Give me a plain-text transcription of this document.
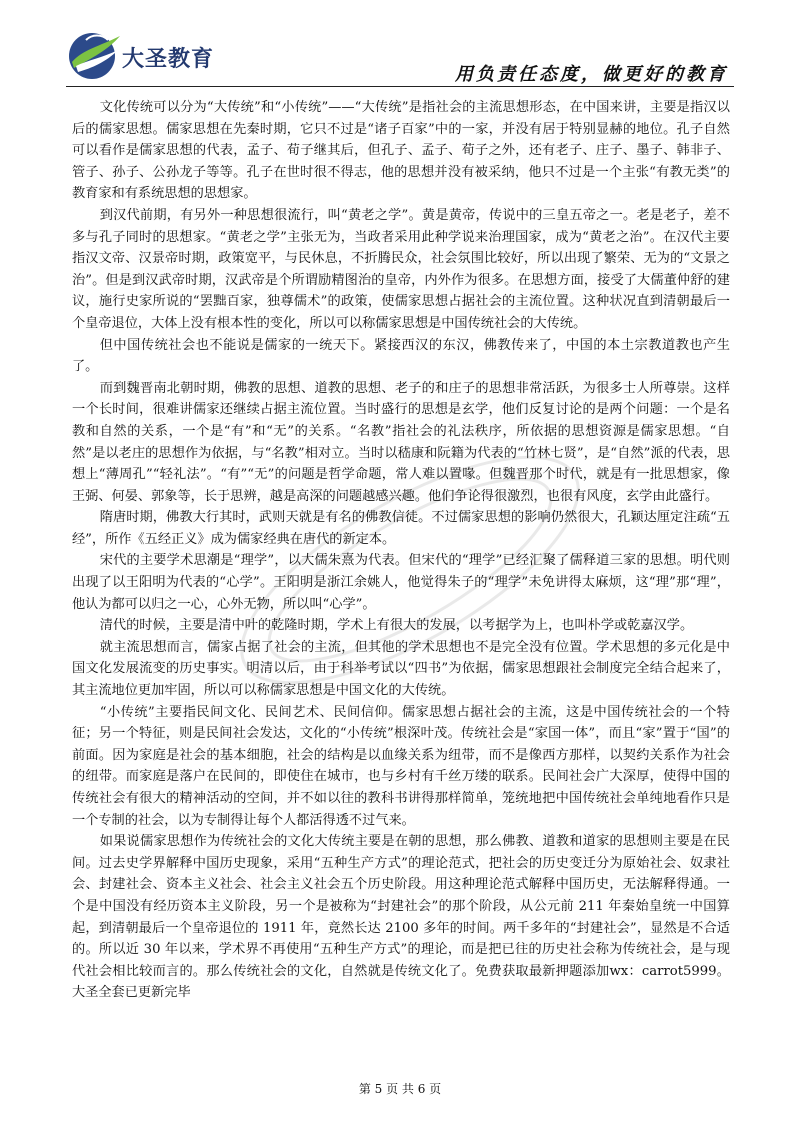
大圣教育
用负责任态度，做更好的教育

文化传统可以分为“大传统”和“小传统”——“大传统”是指社会的主流思想形态，在中国来讲，主要是指汉以后的儒家思想。儒家思想在先秦时期，它只不过是“诸子百家”中的一家，并没有居于特别显赫的地位。孔子自然可以看作是儒家思想的代表，孟子、荀子继其后，但孔子、孟子、荀子之外，还有老子、庄子、墨子、韩非子、管子、孙子、公孙龙子等等。孔子在世时很不得志，他的思想并没有被采纳，他只不过是一个主张“有教无类”的教育家和有系统思想的思想家。

到汉代前期，有另外一种思想很流行，叫“黄老之学”。黄是黄帝，传说中的三皇五帝之一。老是老子，差不多与孔子同时的思想家。“黄老之学”主张无为，当政者采用此种学说来治理国家，成为“黄老之治”。在汉代主要指汉文帝、汉景帝时期，政策宽平，与民休息，不折腾民众，社会氛围比较好，所以出现了繁荣、无为的“文景之治”。但是到汉武帝时期，汉武帝是个所谓励精图治的皇帝，内外作为很多。在思想方面，接受了大儒董仲舒的建议，施行史家所说的“罢黜百家，独尊儒术”的政策，使儒家思想占据社会的主流位置。这种状况直到清朝最后一个皇帝退位，大体上没有根本性的变化，所以可以称儒家思想是中国传统社会的大传统。

但中国传统社会也不能说是儒家的一统天下。紧接西汉的东汉，佛教传来了，中国的本土宗教道教也产生了。

而到魏晋南北朝时期，佛教的思想、道教的思想、老子的和庄子的思想非常活跃，为很多士人所尊崇。这样一个长时间，很难讲儒家还继续占据主流位置。当时盛行的思想是玄学，他们反复讨论的是两个问题：一个是名教和自然的关系，一个是“有”和“无”的关系。“名教”指社会的礼法秩序，所依据的思想资源是儒家思想。“自然”是以老庄的思想作为依据，与“名教”相对立。当时以嵇康和阮籍为代表的“竹林七贤”，是“自然”派的代表，思想上“薄周孔”“轻礼法”。“有”“无”的问题是哲学命题，常人难以置喙。但魏晋那个时代，就是有一批思想家，像王弼、何晏、郭象等，长于思辨，越是高深的问题越感兴趣。他们争论得很激烈，也很有风度，玄学由此盛行。

隋唐时期，佛教大行其时，武则天就是有名的佛教信徒。不过儒家思想的影响仍然很大，孔颖达厘定注疏“五经”，所作《五经正义》成为儒家经典在唐代的新定本。

宋代的主要学术思潮是“理学”，以大儒朱熹为代表。但宋代的“理学”已经汇聚了儒释道三家的思想。明代则出现了以王阳明为代表的“心学”。王阳明是浙江余姚人，他觉得朱子的“理学”未免讲得太麻烦，这“理”那“理”，他认为都可以归之一心，心外无物，所以叫“心学”。

清代的时候，主要是清中叶的乾隆时期，学术上有很大的发展，以考据学为上，也叫朴学或乾嘉汉学。

就主流思想而言，儒家占据了社会的主流，但其他的学术思想也不是完全没有位置。学术思想的多元化是中国文化发展流变的历史事实。明清以后，由于科举考试以“四书”为依据，儒家思想跟社会制度完全结合起来了，其主流地位更加牢固，所以可以称儒家思想是中国文化的大传统。

“小传统”主要指民间文化、民间艺术、民间信仰。儒家思想占据社会的主流，这是中国传统社会的一个特征；另一个特征，则是民间社会发达，文化的“小传统”根深叶茂。传统社会是“家国一体”，而且“家”置于“国”的前面。因为家庭是社会的基本细胞，社会的结构是以血缘关系为纽带，而不是像西方那样，以契约关系作为社会的纽带。而家庭是落户在民间的，即使住在城市，也与乡村有千丝万缕的联系。民间社会广大深厚，使得中国的传统社会有很大的精神活动的空间，并不如以往的教科书讲得那样简单，笼统地把中国传统社会单纯地看作只是一个专制的社会，以为专制得让每个人都活得透不过气来。

如果说儒家思想作为传统社会的文化大传统主要是在朝的思想，那么佛教、道教和道家的思想则主要是在民间。过去史学界解释中国历史现象，采用“五种生产方式”的理论范式，把社会的历史变迁分为原始社会、奴隶社会、封建社会、资本主义社会、社会主义社会五个历史阶段。用这种理论范式解释中国历史，无法解释得通。一个是中国没有经历资本主义阶段，另一个是被称为“封建社会”的那个阶段，从公元前 211 年秦始皇统一中国算起，到清朝最后一个皇帝退位的 1911 年，竟然长达 2100 多年的时间。两千多年的“封建社会”，显然是不合适的。所以近 30 年以来，学术界不再使用“五种生产方式”的理论，而是把已往的历史社会称为传统社会，是与现代社会相比较而言的。那么传统社会的文化，自然就是传统文化了。免费获取最新押题添加wx：carrot5999。大圣全套已更新完毕

第 5 页 共 6 页
